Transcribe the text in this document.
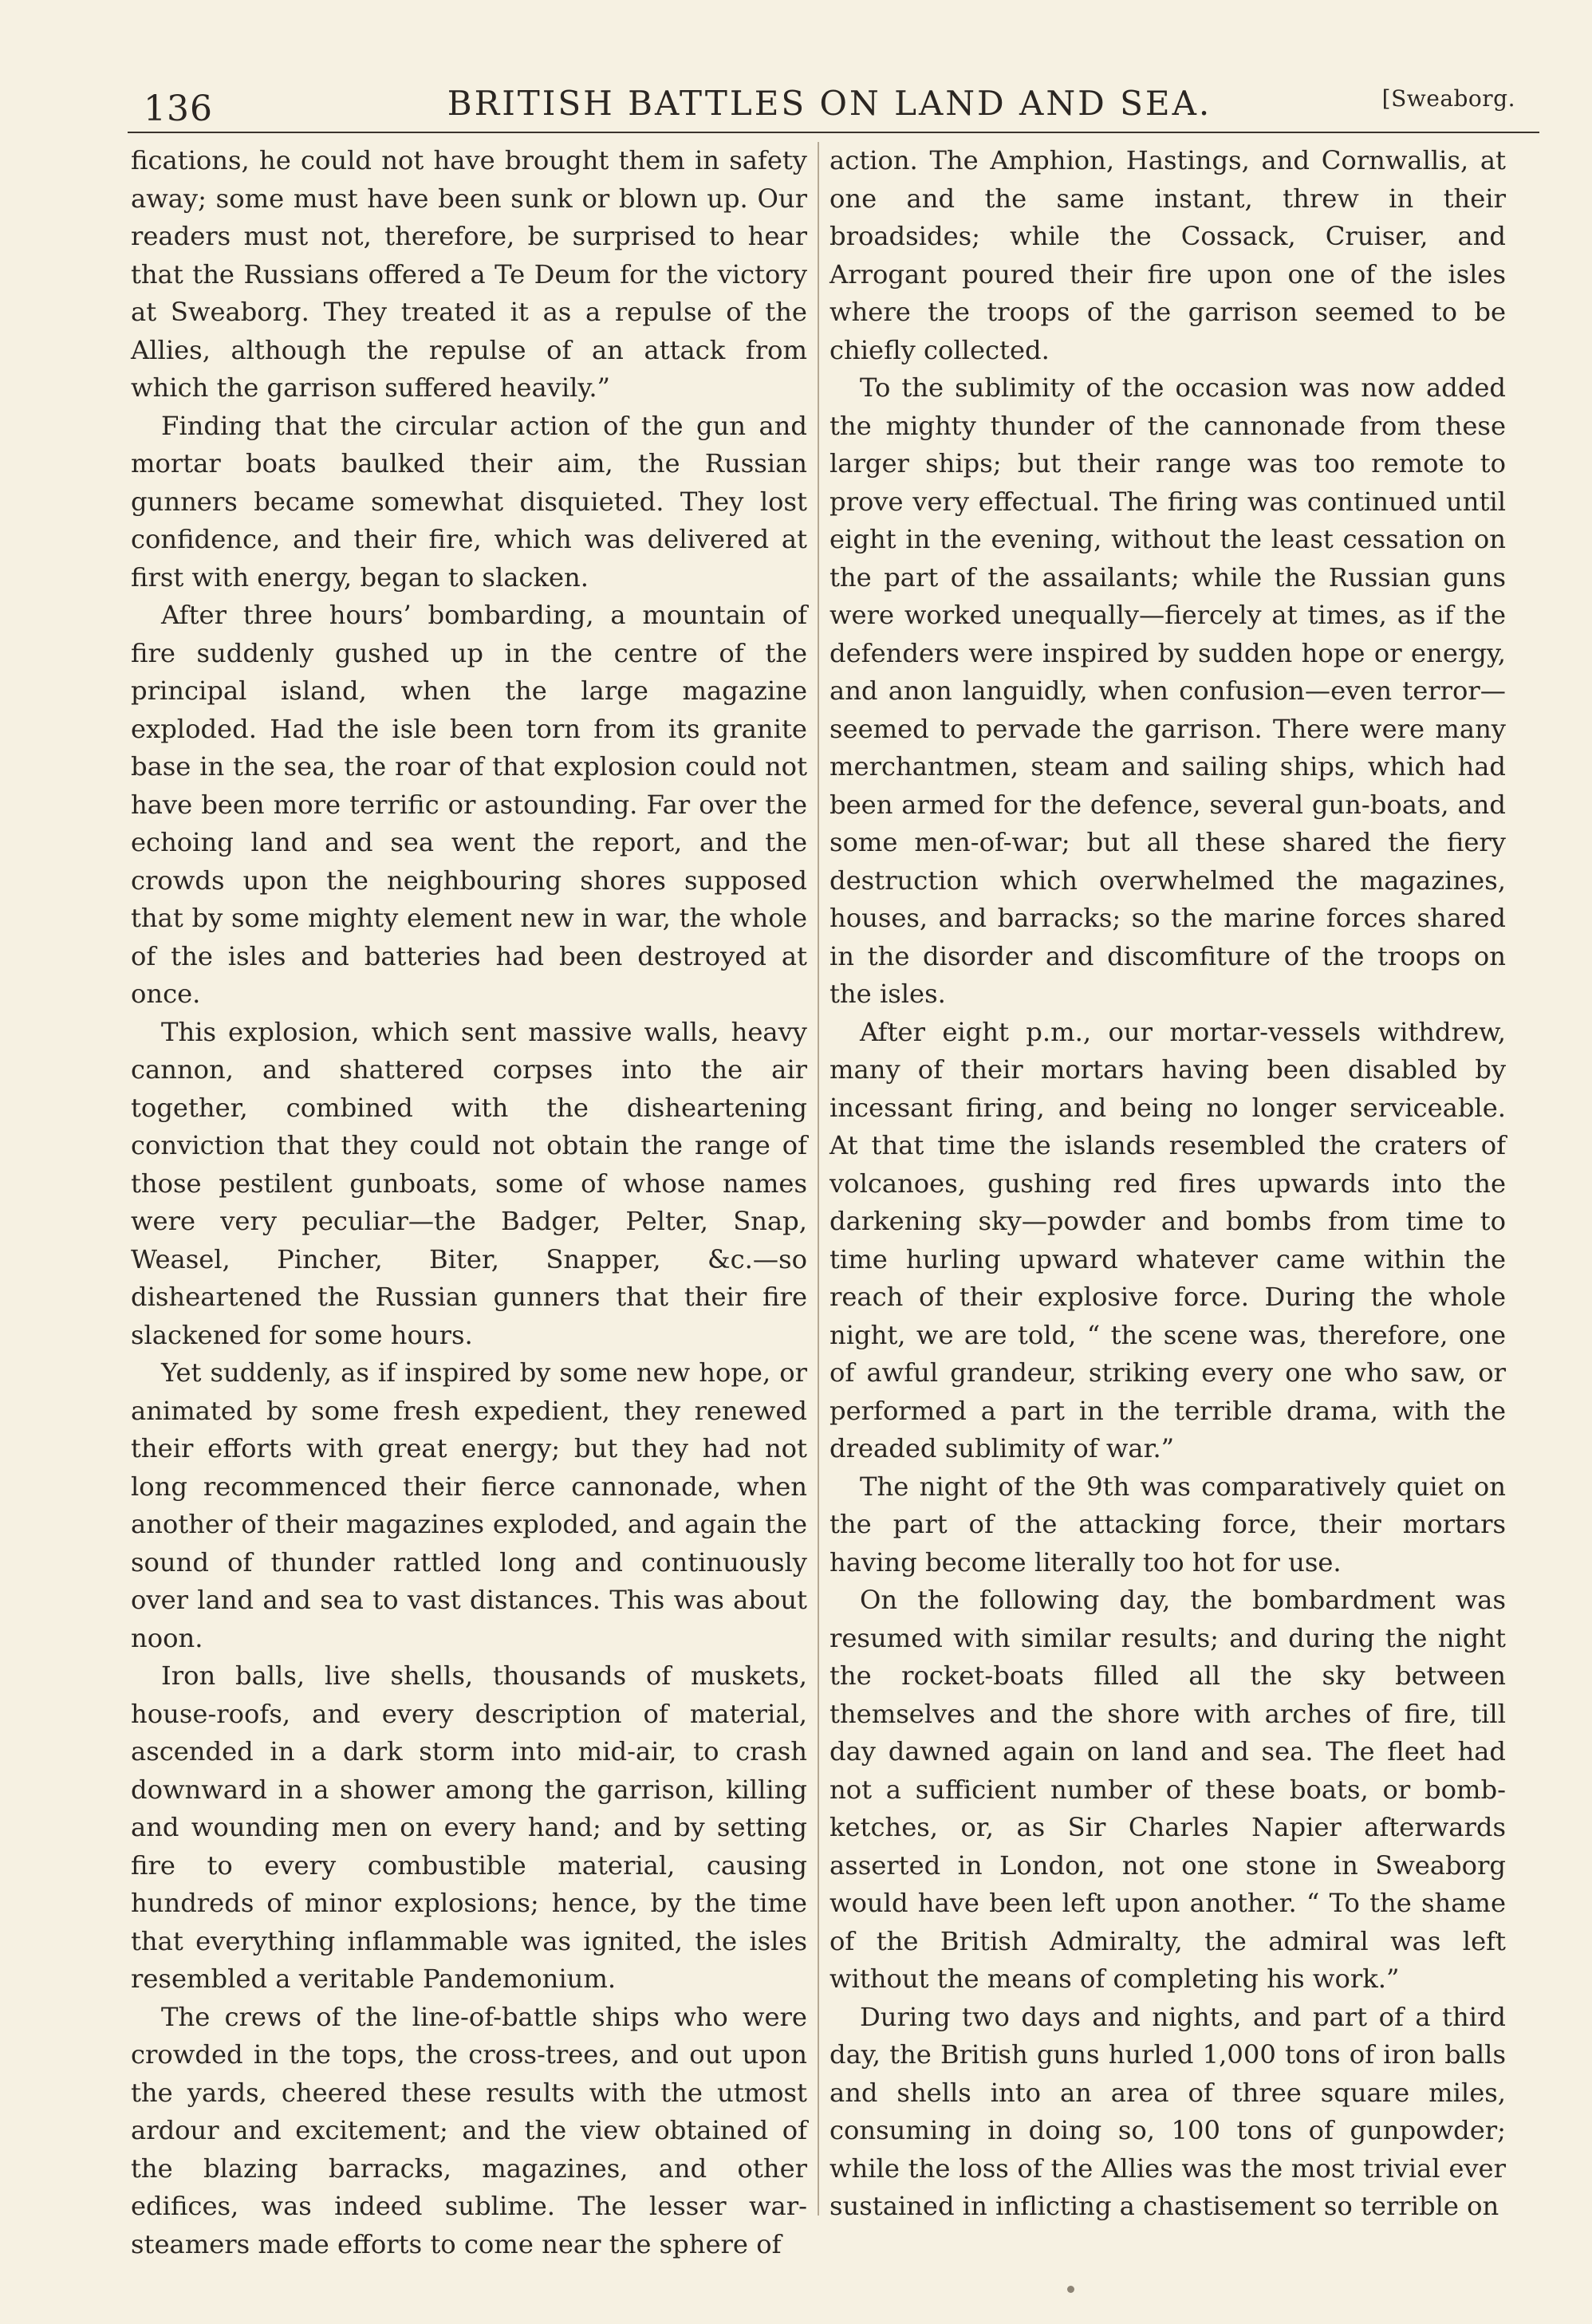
136	BRITISH BATTLES ON LAND AND SEA.	[Sweaborg.

fications, he could not have brought them in safety away; some must have been sunk or blown up. Our readers must not, therefore, be surprised to hear that the Russians offered a Te Deum for the victory at Sweaborg. They treated it as a repulse of the Allies, although the repulse of an attack from which the garrison suffered heavily.”

Finding that the circular action of the gun and mortar boats baulked their aim, the Russian gunners became somewhat disquieted. They lost confidence, and their fire, which was delivered at first with energy, began to slacken.

After three hours’ bombarding, a mountain of fire suddenly gushed up in the centre of the principal island, when the large magazine exploded. Had the isle been torn from its granite base in the sea, the roar of that explosion could not have been more terrific or astounding. Far over the echoing land and sea went the report, and the crowds upon the neighbouring shores supposed that by some mighty element new in war, the whole of the isles and batteries had been destroyed at once.

This explosion, which sent massive walls, heavy cannon, and shattered corpses into the air together, combined with the disheartening conviction that they could not obtain the range of those pestilent gunboats, some of whose names were very peculiar—the Badger, Pelter, Snap, Weasel, Pincher, Biter, Snapper, &c.—so disheartened the Russian gunners that their fire slackened for some hours.

Yet suddenly, as if inspired by some new hope, or animated by some fresh expedient, they renewed their efforts with great energy; but they had not long recommenced their fierce cannonade, when another of their magazines exploded, and again the sound of thunder rattled long and continuously over land and sea to vast distances. This was about noon.

Iron balls, live shells, thousands of muskets, house-roofs, and every description of material, ascended in a dark storm into mid-air, to crash downward in a shower among the garrison, killing and wounding men on every hand; and by setting fire to every combustible material, causing hundreds of minor explosions; hence, by the time that everything inflammable was ignited, the isles resembled a veritable Pandemonium.

The crews of the line-of-battle ships who were crowded in the tops, the cross-trees, and out upon the yards, cheered these results with the utmost ardour and excitement; and the view obtained of the blazing barracks, magazines, and other edifices, was indeed sublime. The lesser war-steamers made efforts to come near the sphere of

action. The Amphion, Hastings, and Cornwallis, at one and the same instant, threw in their broadsides; while the Cossack, Cruiser, and Arrogant poured their fire upon one of the isles where the troops of the garrison seemed to be chiefly collected.

To the sublimity of the occasion was now added the mighty thunder of the cannonade from these larger ships; but their range was too remote to prove very effectual. The firing was continued until eight in the evening, without the least cessation on the part of the assailants; while the Russian guns were worked unequally—fiercely at times, as if the defenders were inspired by sudden hope or energy, and anon languidly, when confusion—even terror—seemed to pervade the garrison. There were many merchantmen, steam and sailing ships, which had been armed for the defence, several gun-boats, and some men-of-war; but all these shared the fiery destruction which overwhelmed the magazines, houses, and barracks; so the marine forces shared in the disorder and discomfiture of the troops on the isles.

After eight p.m., our mortar-vessels withdrew, many of their mortars having been disabled by incessant firing, and being no longer serviceable. At that time the islands resembled the craters of volcanoes, gushing red fires upwards into the darkening sky—powder and bombs from time to time hurling upward whatever came within the reach of their explosive force. During the whole night, we are told, “ the scene was, therefore, one of awful grandeur, striking every one who saw, or performed a part in the terrible drama, with the dreaded sublimity of war.”

The night of the 9th was comparatively quiet on the part of the attacking force, their mortars having become literally too hot for use.

On the following day, the bombardment was resumed with similar results; and during the night the rocket-boats filled all the sky between themselves and the shore with arches of fire, till day dawned again on land and sea. The fleet had not a sufficient number of these boats, or bomb-ketches, or, as Sir Charles Napier afterwards asserted in London, not one stone in Sweaborg would have been left upon another. “ To the shame of the British Admiralty, the admiral was left without the means of completing his work.”

During two days and nights, and part of a third day, the British guns hurled 1,000 tons of iron balls and shells into an area of three square miles, consuming in doing so, 100 tons of gunpowder; while the loss of the Allies was the most trivial ever sustained in inflicting a chastisement so terrible on
